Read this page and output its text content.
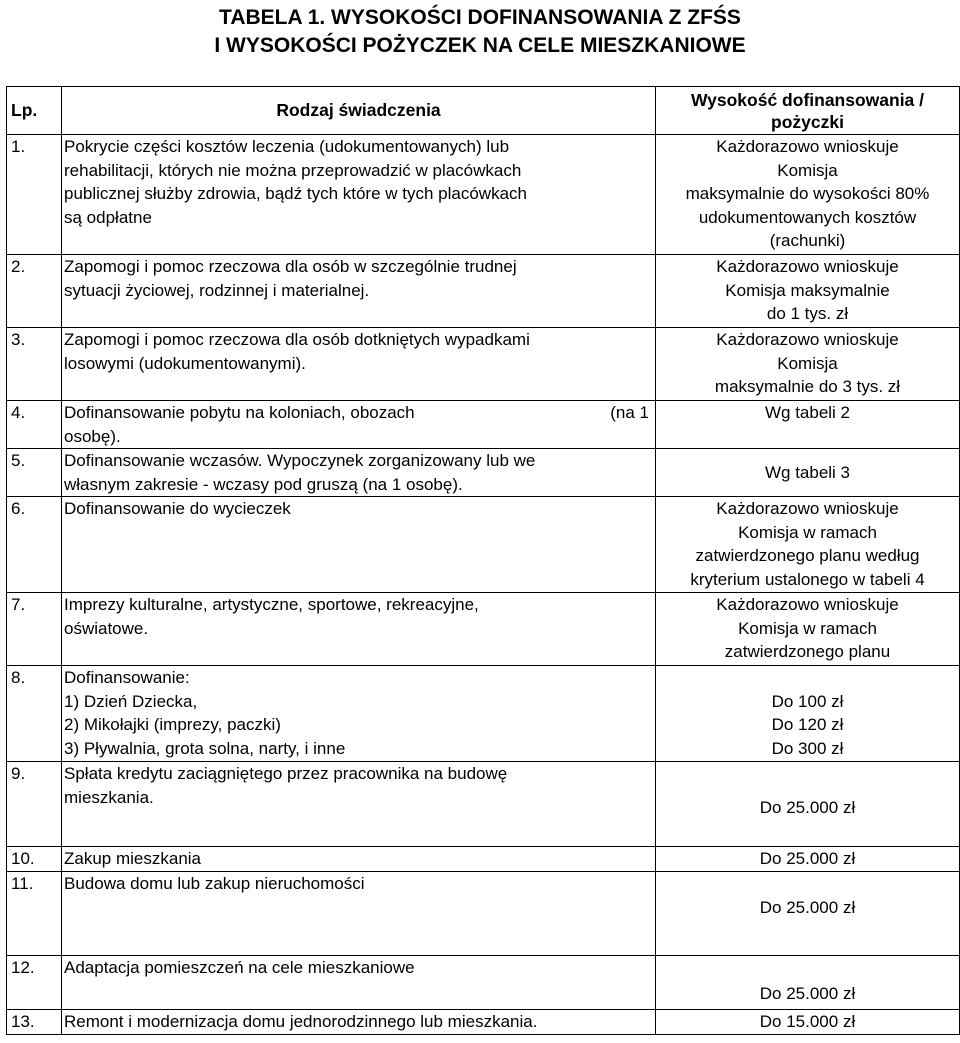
TABELA 1. WYSOKOŚCI DOFINANSOWANIA Z ZFŚS
I WYSOKOŚCI POŻYCZEK NA CELE MIESZKANIOWE
Lp.	Rodzaj świadczenia	Wysokość dofinansowania /
pożyczki

1.	Pokrycie części kosztów leczenia (udokumentowanych) lub
rehabilitacji, których nie można przeprowadzić w placówkach
publicznej służby zdrowia, bądź tych które w tych placówkach
są odpłatne	Każdorazowo wnioskuje
Komisja
maksymalnie do wysokości 80%
udokumentowanych kosztów
(rachunki)

2.	Zapomogi i pomoc rzeczowa dla osób w szczególnie trudnej
sytuacji życiowej, rodzinnej i materialnej.	Każdorazowo wnioskuje
Komisja maksymalnie
do 1 tys. zł

3.	Zapomogi i pomoc rzeczowa dla osób dotkniętych wypadkami
losowymi (udokumentowanymi).	Każdorazowo wnioskuje
Komisja
maksymalnie do 3 tys. zł

4.	Dofinansowanie pobytu na koloniach, obozach (na 1
osobę).	Wg tabeli 2

5.	Dofinansowanie wczasów. Wypoczynek zorganizowany lub we
własnym zakresie - wczasy pod gruszą (na 1 osobę).	Wg tabeli 3

6.	Dofinansowanie do wycieczek	Każdorazowo wnioskuje
Komisja w ramach
zatwierdzonego planu według
kryterium ustalonego w tabeli 4

7.	Imprezy kulturalne, artystyczne, sportowe, rekreacyjne,
oświatowe.	Każdorazowo wnioskuje
Komisja w ramach
zatwierdzonego planu

8.	Dofinansowanie:
1) Dzień Dziecka,
2) Mikołajki (imprezy, paczki)
3) Pływalnia, grota solna, narty, i inne	Do 100 zł
Do 120 zł
Do 300 zł

9.	Spłata kredytu zaciągniętego przez pracownika na budowę
mieszkania.	Do 25.000 zł

10.	Zakup mieszkania	Do 25.000 zł

11.	Budowa domu lub zakup nieruchomości	Do 25.000 zł

12.	Adaptacja pomieszczeń na cele mieszkaniowe	Do 25.000 zł

13.	Remont i modernizacja domu jednorodzinnego lub mieszkania.	Do 15.000 zł
